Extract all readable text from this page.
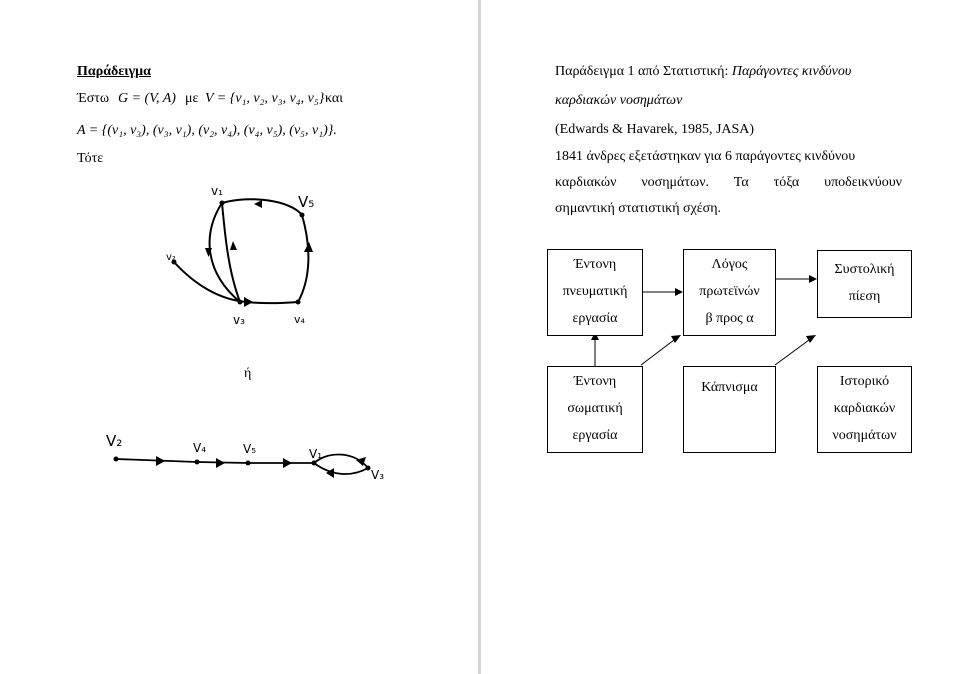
Παράδειγμα
Έστω G = (V, A) με V = {v₁, v₂, v₃, v₄, v₅} και
A = {(v₁, v₃), (v₃, v₁), (v₂, v₄), (v₄, v₅), (v₅, v₁)}.
Τότε
v₁
V₅
v₂
v₃	v₄
ή
V₂	V₄	V₅	V₁
V₃
Παράδειγμα 1 από Στατιστική: Παράγοντες κινδύνου
καρδιακών νοσημάτων
(Edwards & Havarek, 1985, JASA)
1841 άνδρες εξετάστηκαν για 6 παράγοντες κινδύνου
καρδιακών νοσημάτων. Τα τόξα υποδεικνύουν
σημαντική στατιστική σχέση.
Έντονη
πνευματική
εργασία
Λόγος
πρωτεϊνών
β προς α
Συστολική
πίεση
Έντονη
σωματική
εργασία
Κάπνισμα	Ιστορικό
καρδιακών
νοσημάτων
